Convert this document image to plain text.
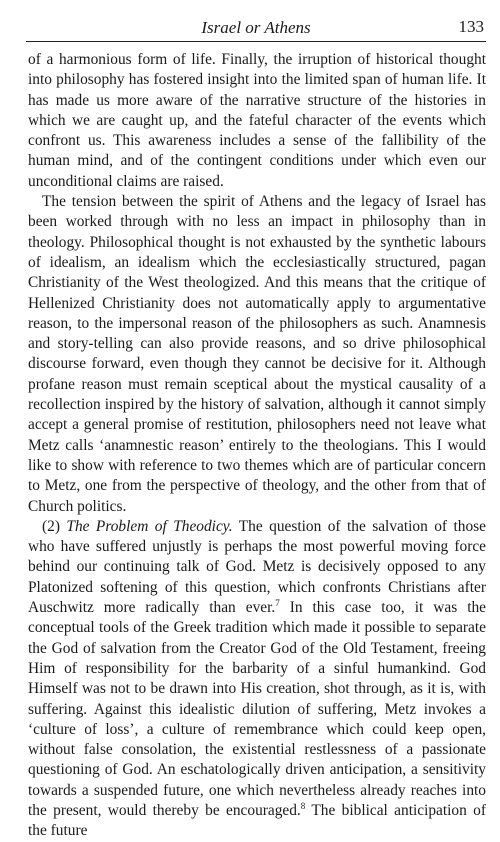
Israel or Athens	133

of a harmonious form of life. Finally, the irruption of historical thought into philosophy has fostered insight into the limited span of human life. It has made us more aware of the narrative structure of the histories in which we are caught up, and the fateful character of the events which confront us. This awareness includes a sense of the fallibility of the human mind, and of the contingent conditions under which even our unconditional claims are raised.

The tension between the spirit of Athens and the legacy of Israel has been worked through with no less an impact in philosophy than in theology. Philosophical thought is not exhausted by the synthetic labours of idealism, an idealism which the ecclesiastically structured, pagan Christianity of the West theologized. And this means that the critique of Hellenized Christianity does not automatically apply to argumentative reason, to the impersonal reason of the philosophers as such. Anamnesis and story-telling can also provide reasons, and so drive philosophical discourse forward, even though they cannot be decisive for it. Although profane reason must remain sceptical about the mystical causality of a recollection inspired by the history of salvation, although it cannot simply accept a general promise of restitution, philosophers need not leave what Metz calls ‘anamnestic reason’ entirely to the theologians. This I would like to show with reference to two themes which are of particular concern to Metz, one from the perspective of theology, and the other from that of Church politics.

(2) The Problem of Theodicy. The question of the salvation of those who have suffered unjustly is perhaps the most powerful moving force behind our continuing talk of God. Metz is decisively opposed to any Platonized softening of this question, which confronts Christians after Auschwitz more radically than ever.$^7$ In this case too, it was the conceptual tools of the Greek tradition which made it possible to separate the God of salvation from the Creator God of the Old Testament, freeing Him of responsibility for the barbarity of a sinful humankind. God Himself was not to be drawn into His creation, shot through, as it is, with suffering. Against this idealistic dilution of suffering, Metz invokes a ‘culture of loss’, a culture of remembrance which could keep open, without false consolation, the existential restlessness of a passionate questioning of God. An eschatologically driven anticipation, a sensitivity towards a suspended future, one which nevertheless already reaches into the present, would thereby be encouraged.$^8$ The biblical anticipation of the future
